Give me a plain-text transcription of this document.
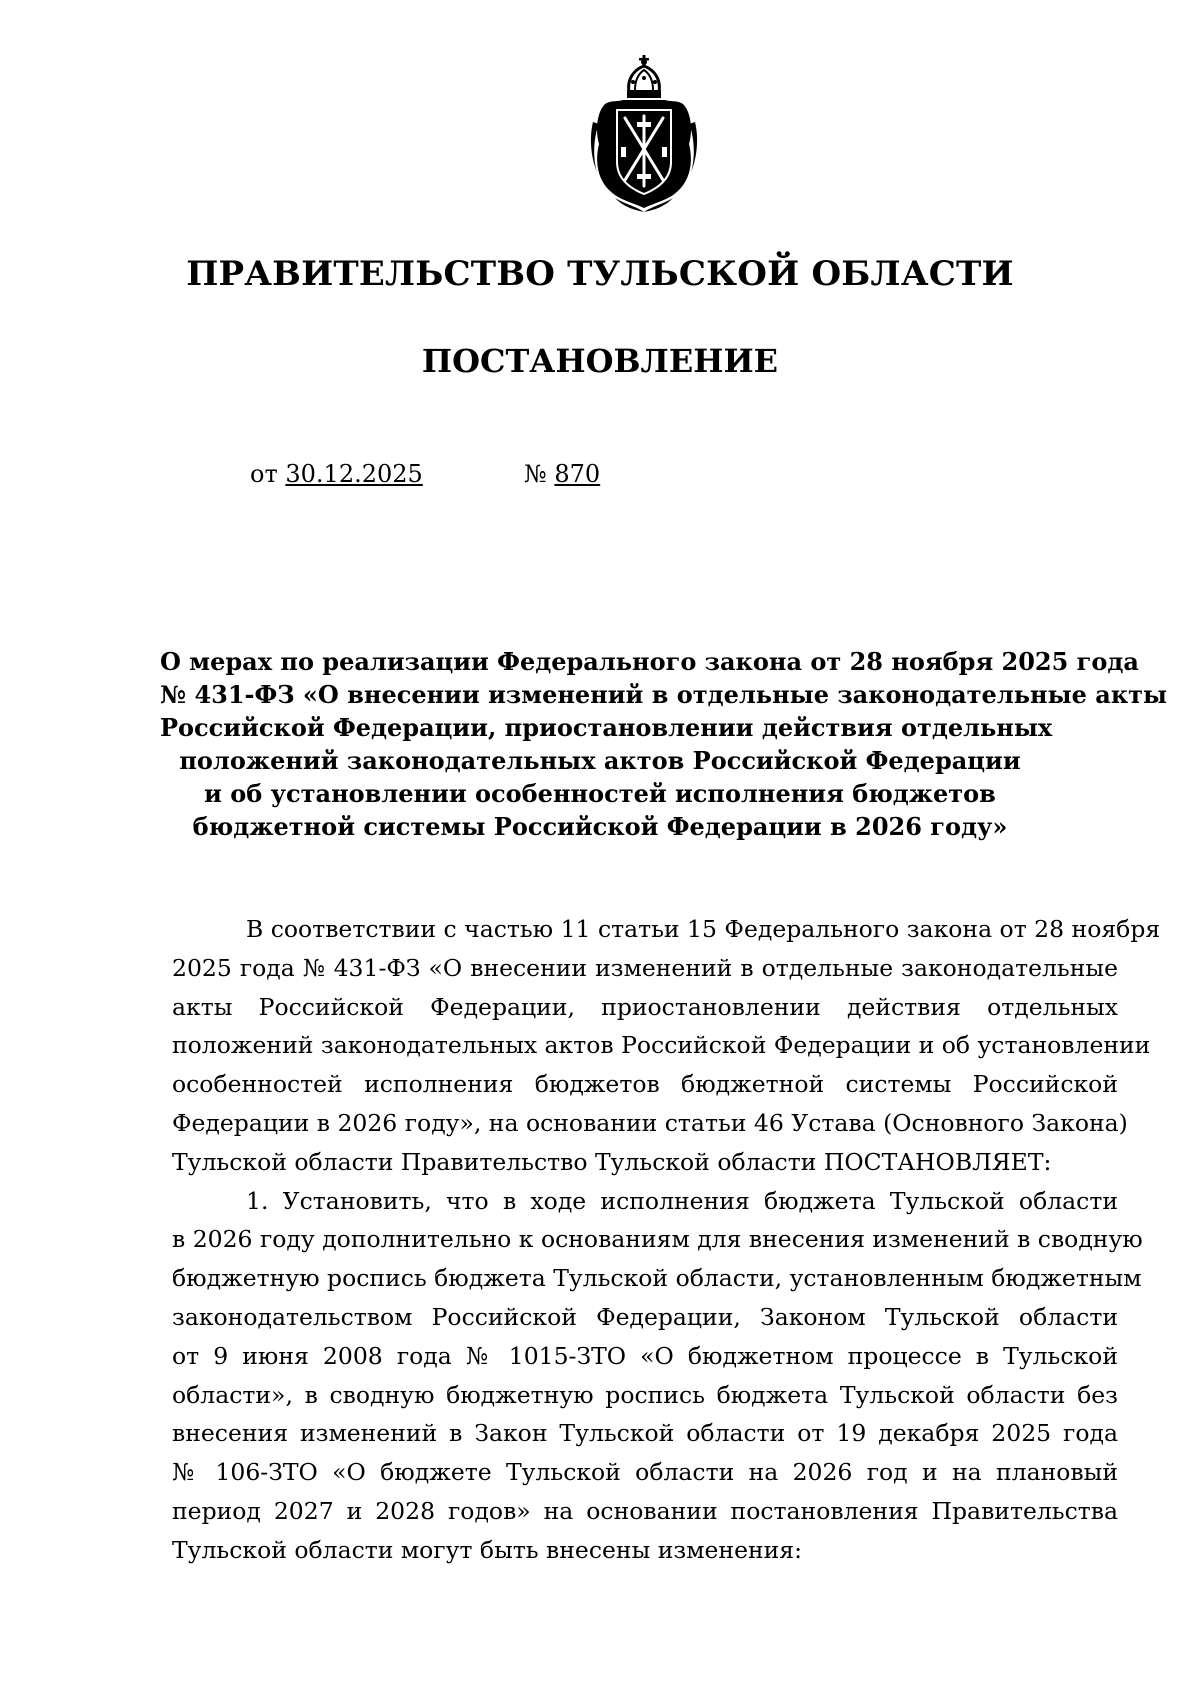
ПРАВИТЕЛЬСТВО ТУЛЬСКОЙ ОБЛАСТИ
ПОСТАНОВЛЕНИЕ
от 30.12.2025	№ 870
О мерах по реализации Федерального закона от 28 ноября 2025 года
№ 431-ФЗ «О внесении изменений в отдельные законодательные акты
Российской Федерации, приостановлении действия отдельных
положений законодательных актов Российской Федерации
и об установлении особенностей исполнения бюджетов
бюджетной системы Российской Федерации в 2026 году»
В соответствии с частью 11 статьи 15 Федерального закона от 28 ноября
2025 года № 431-ФЗ «О внесении изменений в отдельные законодательные
акты Российской Федерации, приостановлении действия отдельных
положений законодательных актов Российской Федерации и об установлении
особенностей исполнения бюджетов бюджетной системы Российской
Федерации в 2026 году», на основании статьи 46 Устава (Основного Закона)
Тульской области Правительство Тульской области ПОСТАНОВЛЯЕТ:
1. Установить, что в ходе исполнения бюджета Тульской области
в 2026 году дополнительно к основаниям для внесения изменений в сводную
бюджетную роспись бюджета Тульской области, установленным бюджетным
законодательством Российской Федерации, Законом Тульской области
от 9 июня 2008 года № 1015-ЗТО «О бюджетном процессе в Тульской
области», в сводную бюджетную роспись бюджета Тульской области без
внесения изменений в Закон Тульской области от 19 декабря 2025 года
№ 106-ЗТО «О бюджете Тульской области на 2026 год и на плановый
период 2027 и 2028 годов» на основании постановления Правительства
Тульской области могут быть внесены изменения:
